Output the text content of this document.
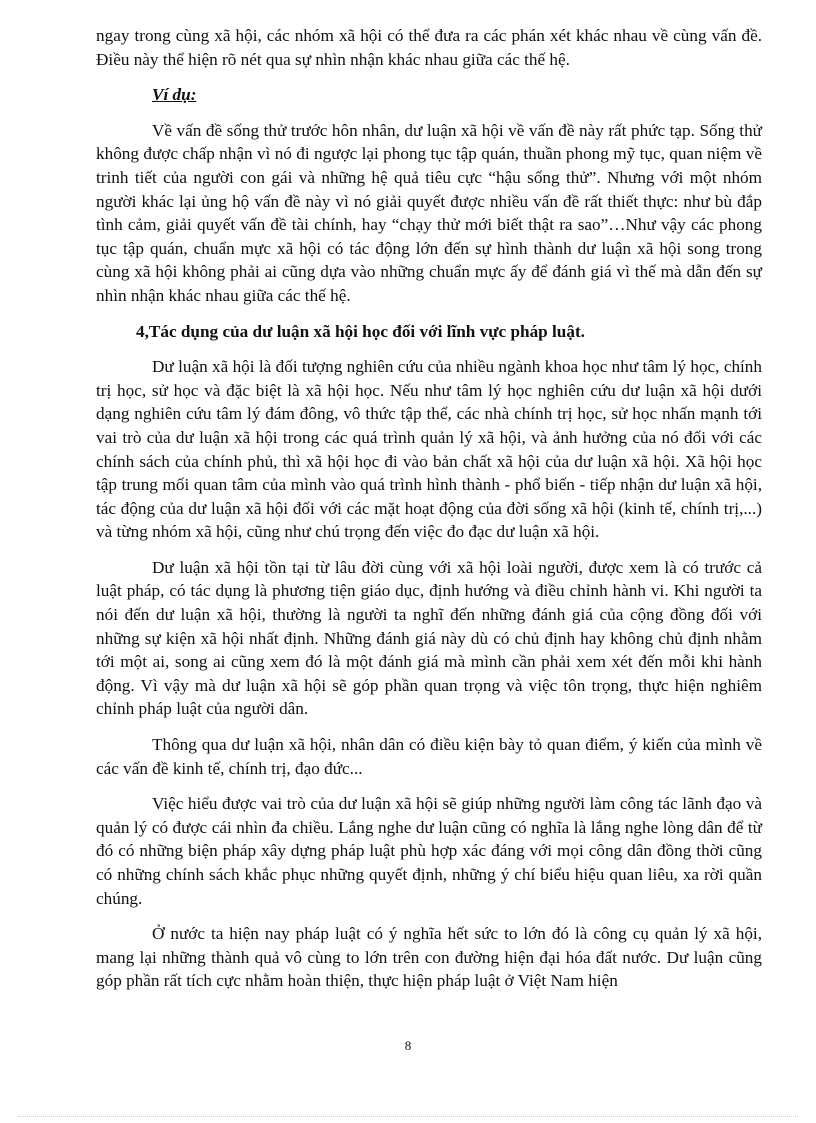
ngay trong cùng xã hội, các nhóm xã hội có thể đưa ra các phán xét khác nhau về cùng vấn đề. Điều này thể hiện rõ nét qua sự nhìn nhận khác nhau giữa các thế hệ.

Ví dụ:

Về vấn đề sống thử trước hôn nhân, dư luận xã hội về vấn đề này rất phức tạp. Sống thử không được chấp nhận vì nó đi ngược lại phong tục tập quán, thuần phong mỹ tục, quan niệm về trinh tiết của người con gái và những hệ quả tiêu cực “hậu sống thử”. Nhưng với một nhóm người khác lại ủng hộ vấn đề này vì nó giải quyết được nhiều vấn đề rất thiết thực: như bù đắp tình cảm, giải quyết vấn đề tài chính, hay “chạy thử mới biết thật ra sao”…Như vậy các phong tục tập quán, chuẩn mực xã hội có tác động lớn đến sự hình thành dư luận xã hội song trong cùng xã hội không phải ai cũng dựa vào những chuẩn mực ấy để đánh giá vì thế mà dẫn đến sự nhìn nhận khác nhau giữa các thế hệ.

4,Tác dụng của dư luận xã hội học đối với lĩnh vực pháp luật.

Dư luận xã hội là đối tượng nghiên cứu của nhiều ngành khoa học như tâm lý học, chính trị học, sử học và đặc biệt là xã hội học. Nếu như tâm lý học nghiên cứu dư luận xã hội dưới dạng nghiên cứu tâm lý đám đông, vô thức tập thể, các nhà chính trị học, sử học nhấn mạnh tới vai trò của dư luận xã hội trong các quá trình quản lý xã hội, và ảnh hưởng của nó đối với các chính sách của chính phủ, thì xã hội học đi vào bản chất xã hội của dư luận xã hội. Xã hội học tập trung mối quan tâm của mình vào quá trình hình thành - phổ biến - tiếp nhận dư luận xã hội, tác động của dư luận xã hội đối với các mặt hoạt động của đời sống xã hội (kinh tế, chính trị,...) và từng nhóm xã hội, cũng như chú trọng đến việc đo đạc dư luận xã hội.

Dư luận xã hội tồn tại từ lâu đời cùng với xã hội loài người, được xem là có trước cả luật pháp, có tác dụng là phương tiện giáo dục, định hướng và điều chỉnh hành vi. Khi người ta nói đến dư luận xã hội, thường là người ta nghĩ đến những đánh giá của cộng đồng đối với những sự kiện xã hội nhất định. Những đánh giá này dù có chủ định hay không chủ định nhằm tới một ai, song ai cũng xem đó là một đánh giá mà mình cần phải xem xét đến mỗi khi hành động. Vì vậy mà dư luận xã hội sẽ góp phần quan trọng và việc tôn trọng, thực hiện nghiêm chỉnh pháp luật của người dân.

Thông qua dư luận xã hội, nhân dân có điều kiện bày tỏ quan điểm, ý kiến của mình về các vấn đề kinh tế, chính trị, đạo đức...

Việc hiểu được vai trò của dư luận xã hội sẽ giúp những người làm công tác lãnh đạo và quản lý có được cái nhìn đa chiều. Lắng nghe dư luận cũng có nghĩa là lắng nghe lòng dân để từ đó có những biện pháp xây dựng pháp luật phù hợp xác đáng với mọi công dân đồng thời cũng có những chính sách khắc phục những quyết định, những ý chí biểu hiệu quan liêu, xa rời quần chúng.

Ở nước ta hiện nay pháp luật có ý nghĩa hết sức to lớn đó là công cụ quản lý xã hội, mang lại những thành quả vô cùng to lớn trên con đường hiện đại hóa đất nước. Dư luận cũng góp phần rất tích cực nhằm hoàn thiện, thực hiện pháp luật ở Việt Nam hiện

8
